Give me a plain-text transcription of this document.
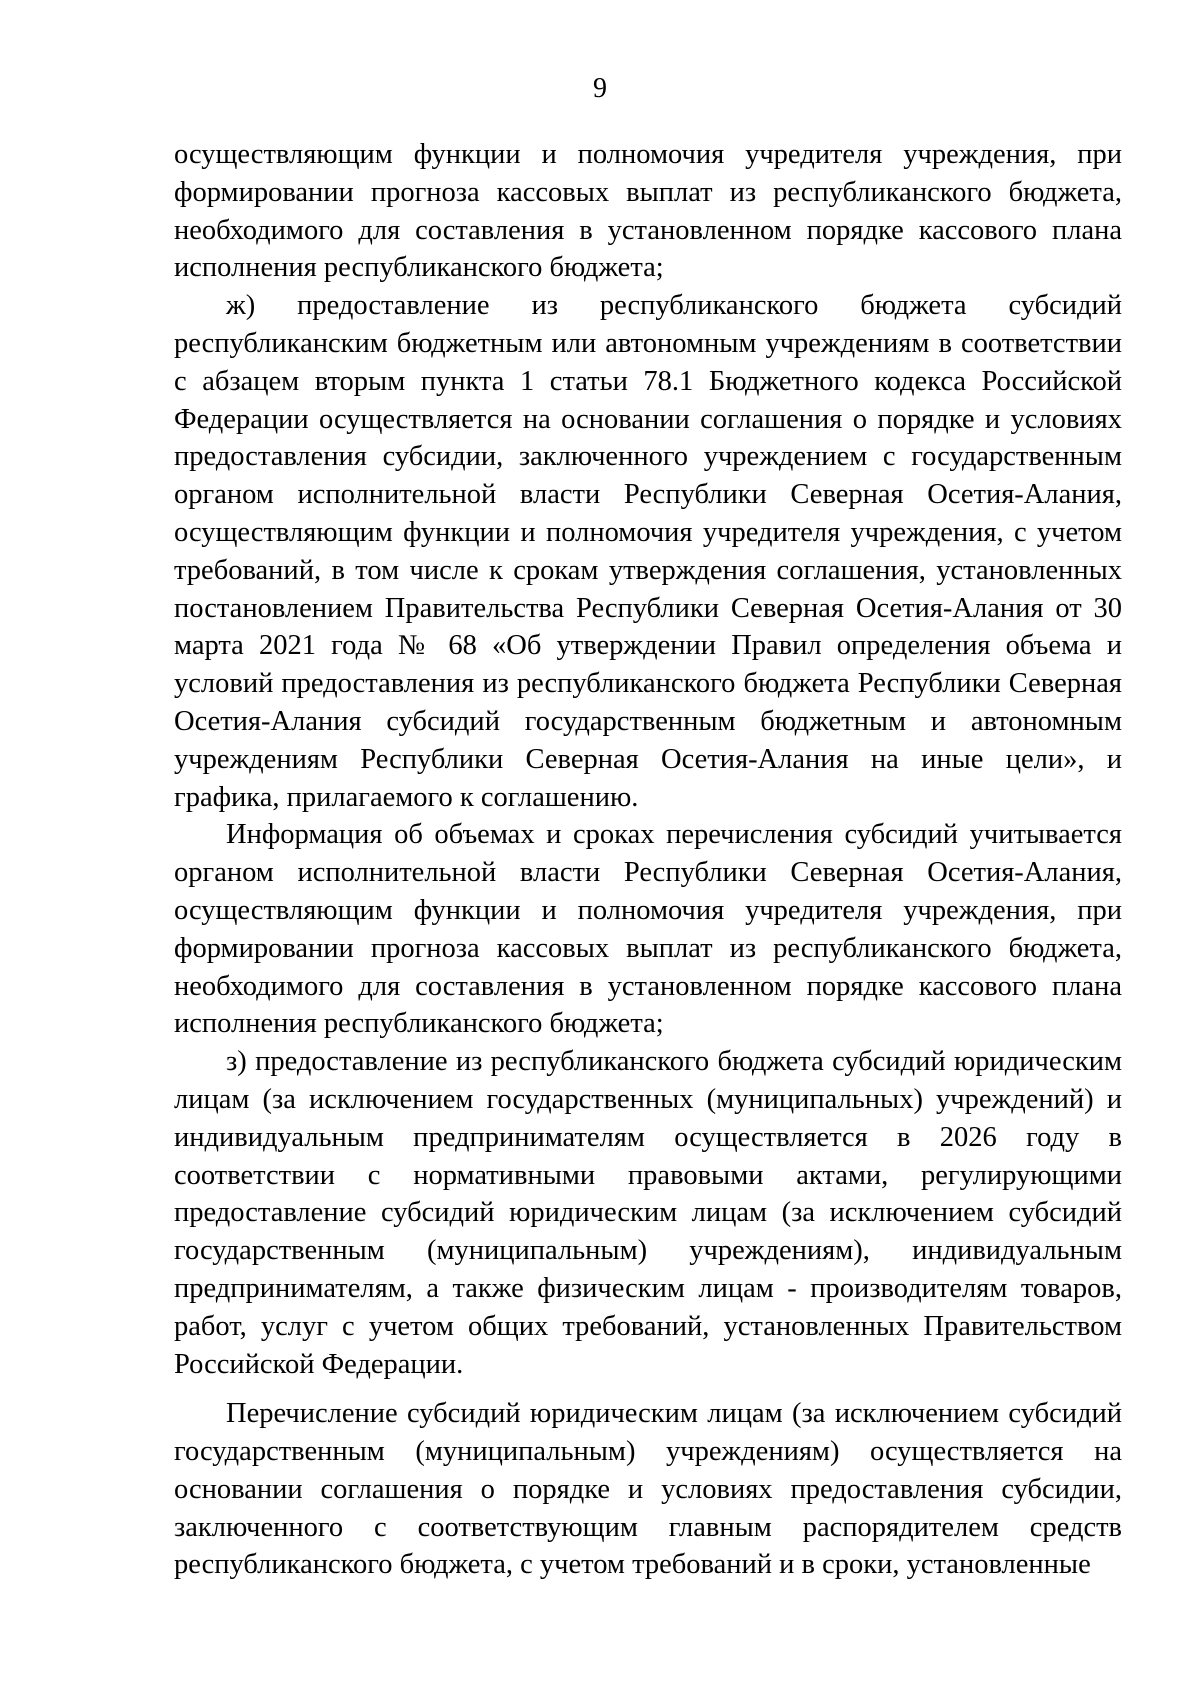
9

осуществляющим функции и полномочия учредителя учреждения, при формировании прогноза кассовых выплат из республиканского бюджета, необходимого для составления в установленном порядке кассового плана исполнения республиканского бюджета;

ж) предоставление из республиканского бюджета субсидий республиканским бюджетным или автономным учреждениям в соответствии с абзацем вторым пункта 1 статьи 78.1 Бюджетного кодекса Российской Федерации осуществляется на основании соглашения о порядке и условиях предоставления субсидии, заключенного учреждением с государственным органом исполнительной власти Республики Северная Осетия-Алания, осуществляющим функции и полномочия учредителя учреждения, с учетом требований, в том числе к срокам утверждения соглашения, установленных постановлением Правительства Республики Северная Осетия-Алания от 30 марта 2021 года № 68 «Об утверждении Правил определения объема и условий предоставления из республиканского бюджета Республики Северная Осетия-Алания субсидий государственным бюджетным и автономным учреждениям Республики Северная Осетия-Алания на иные цели», и графика, прилагаемого к соглашению.

Информация об объемах и сроках перечисления субсидий учитывается органом исполнительной власти Республики Северная Осетия-Алания, осуществляющим функции и полномочия учредителя учреждения, при формировании прогноза кассовых выплат из республиканского бюджета, необходимого для составления в установленном порядке кассового плана исполнения республиканского бюджета;

з) предоставление из республиканского бюджета субсидий юридическим лицам (за исключением государственных (муниципальных) учреждений) и индивидуальным предпринимателям осуществляется в 2026 году в соответствии с нормативными правовыми актами, регулирующими предоставление субсидий юридическим лицам (за исключением субсидий государственным (муниципальным) учреждениям), индивидуальным предпринимателям, а также физическим лицам - производителям товаров, работ, услуг с учетом общих требований, установленных Правительством Российской Федерации.

Перечисление субсидий юридическим лицам (за исключением субсидий государственным (муниципальным) учреждениям) осуществляется на основании соглашения о порядке и условиях предоставления субсидии, заключенного с соответствующим главным распорядителем средств республиканского бюджета, с учетом требований и в сроки, установленные
